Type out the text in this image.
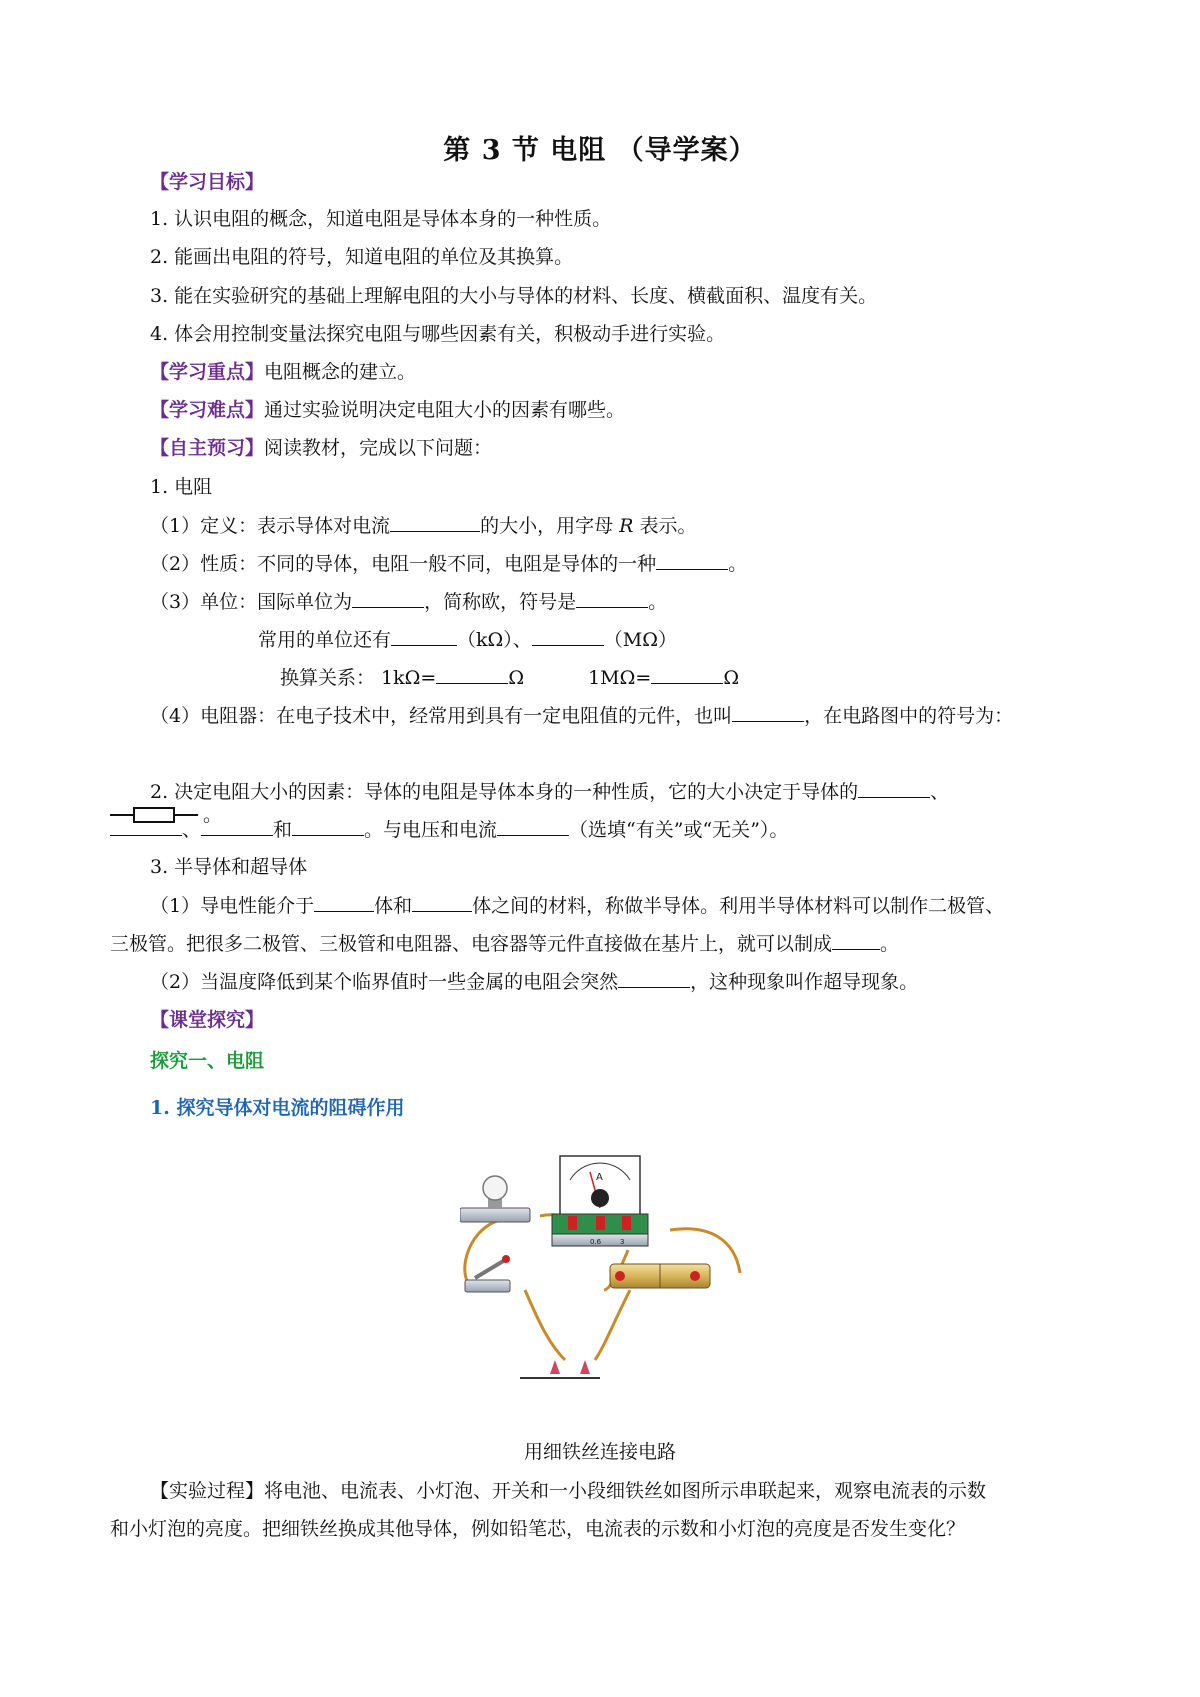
第 3 节 电阻 （导学案）
【学习目标】
1. 认识电阻的概念，知道电阻是导体本身的一种性质。
2. 能画出电阻的符号，知道电阻的单位及其换算。
3. 能在实验研究的基础上理解电阻的大小与导体的材料、长度、横截面积、温度有关。
4. 体会用控制变量法探究电阻与哪些因素有关，积极动手进行实验。
【学习重点】电阻概念的建立。
【学习难点】通过实验说明决定电阻大小的因素有哪些。
【自主预习】阅读教材，完成以下问题：
1. 电阻
（1）定义：表示导体对电流	的大小，用字母 R 表示。
（2）性质：不同的导体，电阻一般不同，电阻是导体的一种	。
（3）单位：国际单位为	，简称欧，符号是	。
常用的单位还有	（kΩ）、	（MΩ）
换算关系： 1kΩ=	Ω	1MΩ=	Ω
（4）电阻器：在电子技术中，经常用到具有一定电阻值的元件，也叫	，在电路图中的符号为：
。
2. 决定电阻大小的因素：导体的电阻是导体本身的一种性质，它的大小决定于导体的	、
、	和	。与电压和电流	（选填“有关”或“无关”）。
3. 半导体和超导体
（1）导电性能介于	体和	体之间的材料，称做半导体。利用半导体材料可以制作二极管、
三极管。把很多二极管、三极管和电阻器、电容器等元件直接做在基片上，就可以制成	。
（2）当温度降低到某个临界值时一些金属的电阻会突然	，这种现象叫作超导现象。
【课堂探究】
探究一、电阻
1. 探究导体对电流的阻碍作用
A
0.6	3
用细铁丝连接电路
【实验过程】将电池、电流表、小灯泡、开关和一小段细铁丝如图所示串联起来，观察电流表的示数
和小灯泡的亮度。把细铁丝换成其他导体，例如铅笔芯，电流表的示数和小灯泡的亮度是否发生变化？
